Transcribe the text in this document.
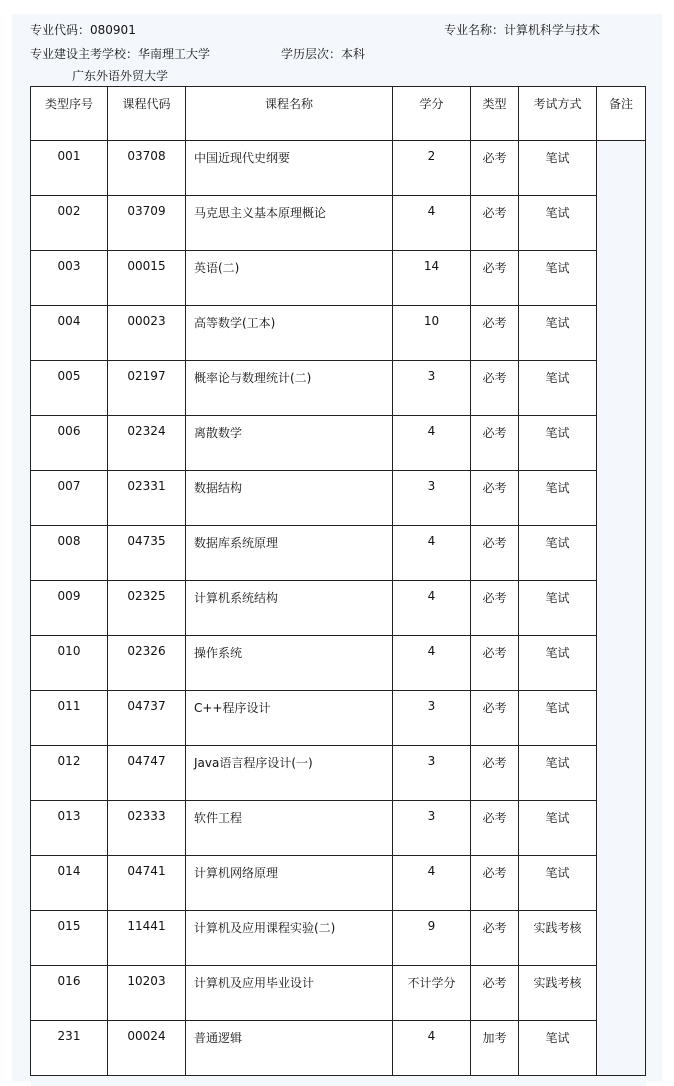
专业代码：080901	专业名称：计算机科学与技术
专业建设主考学校：华南理工大学	学历层次：本科
广东外语外贸大学
类型序号	课程代码	课程名称	学分	类型	考试方式	备注
001	03708	中国近现代史纲要	2	必考	笔试	
002	03709	马克思主义基本原理概论	4	必考	笔试	
003	00015	英语(二)	14	必考	笔试	
004	00023	高等数学(工本)	10	必考	笔试	
005	02197	概率论与数理统计(二)	3	必考	笔试	
006	02324	离散数学	4	必考	笔试	
007	02331	数据结构	3	必考	笔试	
008	04735	数据库系统原理	4	必考	笔试	
009	02325	计算机系统结构	4	必考	笔试	
010	02326	操作系统	4	必考	笔试	
011	04737	C++程序设计	3	必考	笔试	
012	04747	Java语言程序设计(一)	3	必考	笔试	
013	02333	软件工程	3	必考	笔试	
014	04741	计算机网络原理	4	必考	笔试	
015	11441	计算机及应用课程实验(二)	9	必考	实践考核	
016	10203	计算机及应用毕业设计	不计学分	必考	实践考核	
231	00024	普通逻辑	4	加考	笔试	
